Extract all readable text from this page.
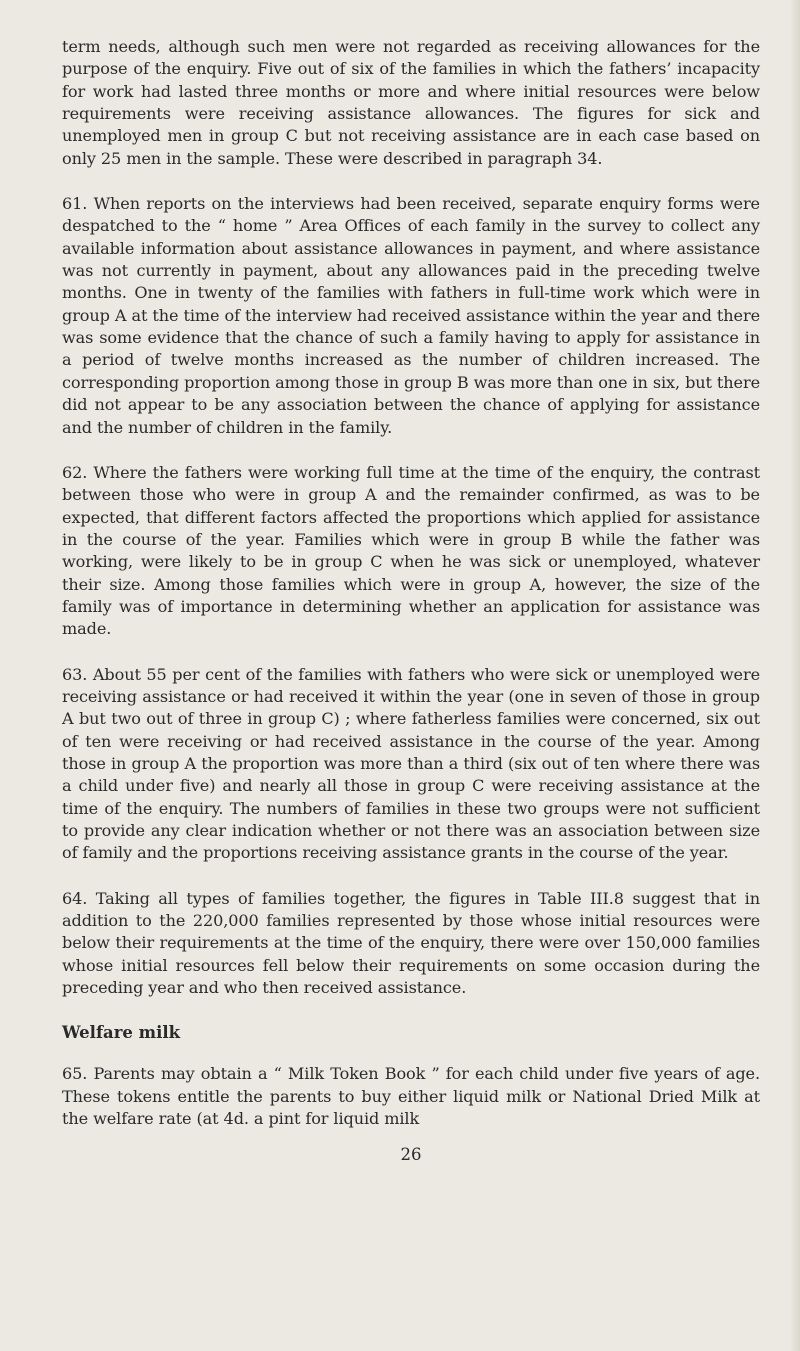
term needs, although such men were not regarded as receiving allowances for the purpose of the enquiry. Five out of six of the families in which the fathers’ incapacity for work had lasted three months or more and where initial resources were below requirements were receiving assistance allowances. The figures for sick and unemployed men in group C but not receiving assistance are in each case based on only 25 men in the sample. These were described in paragraph 34.

61. When reports on the interviews had been received, separate enquiry forms were despatched to the “ home ” Area Offices of each family in the survey to collect any available information about assistance allowances in payment, and where assistance was not currently in payment, about any allowances paid in the preceding twelve months. One in twenty of the families with fathers in full-time work which were in group A at the time of the interview had received assistance within the year and there was some evidence that the chance of such a family having to apply for assistance in a period of twelve months increased as the number of children increased. The corresponding proportion among those in group B was more than one in six, but there did not appear to be any association between the chance of applying for assistance and the number of children in the family.

62. Where the fathers were working full time at the time of the enquiry, the contrast between those who were in group A and the remainder confirmed, as was to be expected, that different factors affected the proportions which applied for assistance in the course of the year. Families which were in group B while the father was working, were likely to be in group C when he was sick or unemployed, whatever their size. Among those families which were in group A, however, the size of the family was of importance in determining whether an application for assistance was made.

63. About 55 per cent of the families with fathers who were sick or unemployed were receiving assistance or had received it within the year (one in seven of those in group A but two out of three in group C) ; where fatherless families were concerned, six out of ten were receiving or had received assistance in the course of the year. Among those in group A the proportion was more than a third (six out of ten where there was a child under five) and nearly all those in group C were receiving assistance at the time of the enquiry. The numbers of families in these two groups were not sufficient to provide any clear indication whether or not there was an association between size of family and the proportions receiving assistance grants in the course of the year.

64. Taking all types of families together, the figures in Table III.8 suggest that in addition to the 220,000 families represented by those whose initial resources were below their requirements at the time of the enquiry, there were over 150,000 families whose initial resources fell below their requirements on some occasion during the preceding year and who then received assistance.

Welfare milk

65. Parents may obtain a “ Milk Token Book ” for each child under five years of age. These tokens entitle the parents to buy either liquid milk or National Dried Milk at the welfare rate (at 4d. a pint for liquid milk

26
